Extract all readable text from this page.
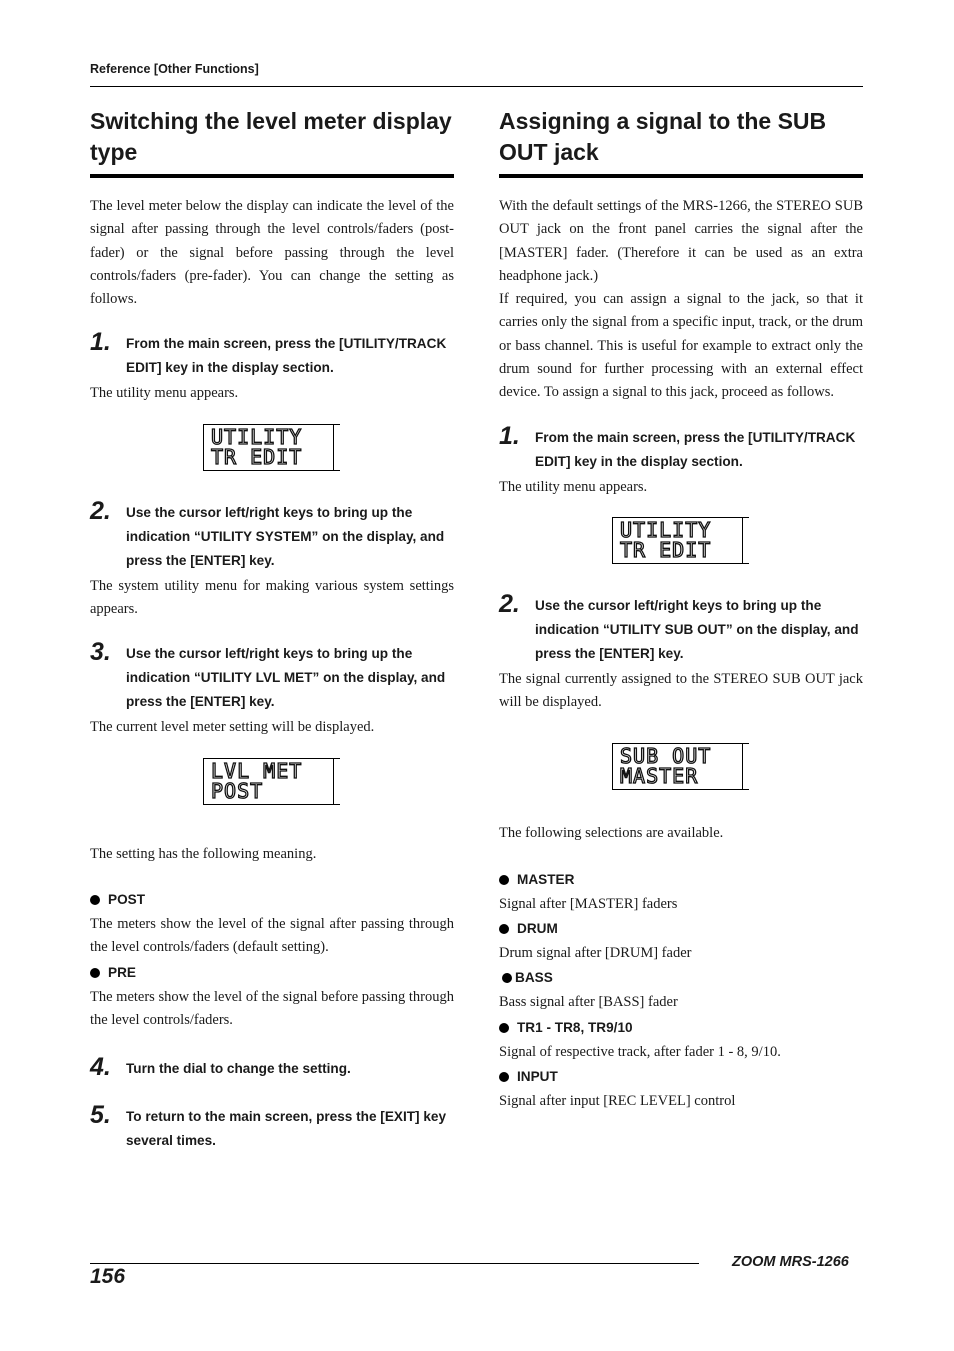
Reference [Other Functions]
Switching the level meter display type

The level meter below the display can indicate the level of the signal after passing through the level controls/faders (post-fader) or the signal before passing through the level controls/faders (pre-fader). You can change the setting as follows.

1.	From the main screen, press the [UTILITY/TRACK EDIT] key in the display section.

The utility menu appears.

UTILITY
TR EDIT
2.	Use the cursor left/right keys to bring up the indication “UTILITY SYSTEM” on the display, and press the [ENTER] key.

The system utility menu for making various system settings appears.

3.	Use the cursor left/right keys to bring up the indication “UTILITY LVL MET” on the display, and press the [ENTER] key.

The current level meter setting will be displayed.

LVL MET
POST

The setting has the following meaning.

POST

The meters show the level of the signal after passing through the level controls/faders (default setting).

PRE

The meters show the level of the signal before passing through the level controls/faders.

4.	Turn the dial to change the setting.
5.	To return to the main screen, press the [EXIT] key several times.
Assigning a signal to the SUB OUT jack

With the default settings of the MRS-1266, the STEREO SUB OUT jack on the front panel carries the signal after the [MASTER] fader. (Therefore it can be used as an extra headphone jack.)

If required, you can assign a signal to the jack, so that it carries only the signal from a specific input, track, or the drum or bass channel. This is useful for example to extract only the drum sound for further processing with an external effect device. To assign a signal to this jack, proceed as follows.

1.	From the main screen, press the [UTILITY/TRACK EDIT] key in the display section.

The utility menu appears.

UTILITY
TR EDIT
2.	Use the cursor left/right keys to bring up the indication “UTILITY SUB OUT” on the display, and press the [ENTER] key.

The signal currently assigned to the STEREO SUB OUT jack will be displayed.

SUB OUT
MASTER

The following selections are available.

MASTER

Signal after [MASTER] faders

DRUM

Drum signal after [DRUM] fader

BASS

Bass signal after [BASS] fader

TR1 - TR8, TR9/10

Signal of respective track, after fader 1 - 8, 9/10.

INPUT

Signal after input [REC LEVEL] control

156
ZOOM MRS-1266
